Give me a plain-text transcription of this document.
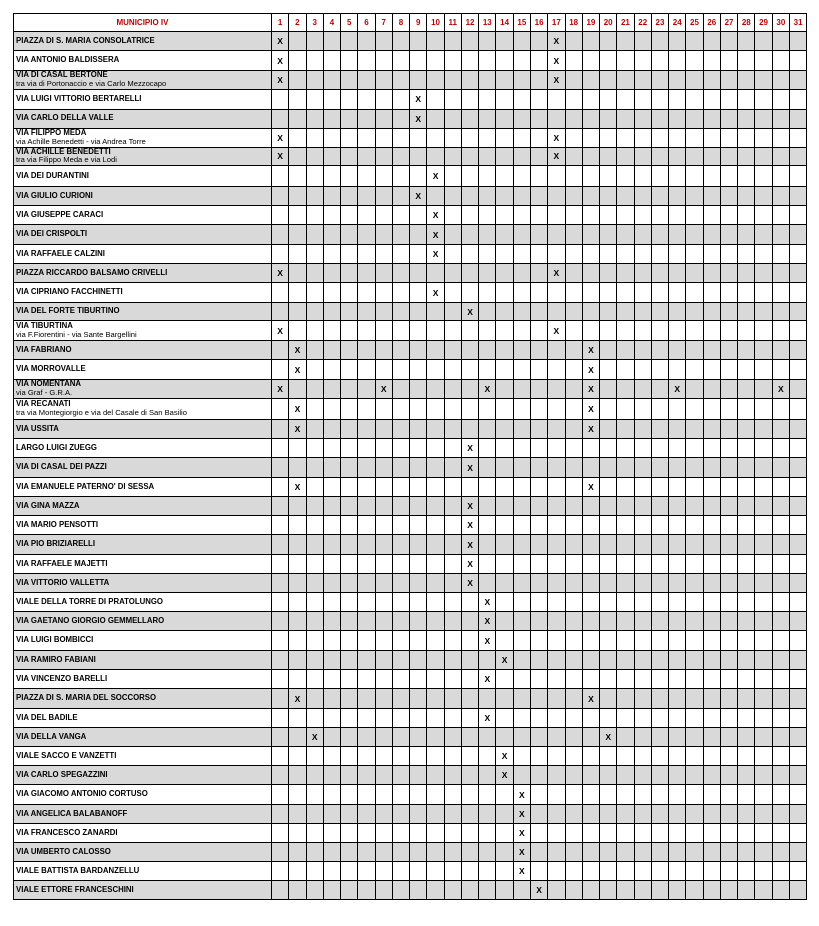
MUNICIPIO IV	1	2	3	4	5	6	7	8	9	10	11	12	13	14	15	16	17	18	19	20	21	22	23	24	25	26	27	28	29	30	31

PIAZZA DI S. MARIA CONSOLATRICE	X																X														

VIA ANTONIO BALDISSERA	X																X														

VIA DI CASAL BERTONE
tra via di Portonaccio e via Carlo Mezzocapo	X																X														

VIA LUIGI VITTORIO BERTARELLI									X																						

VIA CARLO DELLA VALLE									X																						

VIA FILIPPO MEDA
via Achille Benedetti - via Andrea Torre	X																X														

VIA ACHILLE BENEDETTI
tra via Filippo Meda e via Lodi	X																X														

VIA DEI DURANTINI										X																					

VIA GIULIO CURIONI									X																						

VIA GIUSEPPE CARACI										X																					

VIA DEI CRISPOLTI										X																					

VIA RAFFAELE CALZINI										X																					

PIAZZA RICCARDO BALSAMO CRIVELLI	X																X														

VIA CIPRIANO FACCHINETTI										X																					

VIA DEL FORTE TIBURTINO												X																			

VIA TIBURTINA
via F.Fiorentini - via Sante Bargellini	X																X														

VIA FABRIANO		X																	X												

VIA MORROVALLE		X																	X												

VIA NOMENTANA
via Graf - G.R.A.	X						X						X						X					X						X	

VIA RECANATI
tra via Montegiorgio e via del Casale di San Basilio		X																	X												

VIA USSITA		X																	X												

LARGO LUIGI ZUEGG												X																			

VIA DI CASAL DEI PAZZI												X																			

VIA EMANUELE PATERNO' DI SESSA		X																	X												

VIA GINA MAZZA												X																			

VIA MARIO PENSOTTI												X																			

VIA PIO BRIZIARELLI												X																			

VIA RAFFAELE MAJETTI												X																			

VIA VITTORIO VALLETTA												X																			

VIALE DELLA TORRE DI PRATOLUNGO													X																		

VIA GAETANO GIORGIO GEMMELLARO													X																		

VIA LUIGI BOMBICCI													X																		

VIA RAMIRO FABIANI														X																	

VIA VINCENZO BARELLI													X																		

PIAZZA DI S. MARIA DEL SOCCORSO		X																	X												

VIA DEL BADILE													X																		

VIA DELLA VANGA			X																	X											

VIALE SACCO E VANZETTI														X																	

VIA CARLO SPEGAZZINI														X																	

VIA GIACOMO ANTONIO CORTUSO															X																

VIA ANGELICA BALABANOFF															X																

VIA FRANCESCO ZANARDI															X																

VIA UMBERTO CALOSSO															X																

VIALE BATTISTA BARDANZELLU															X																

VIALE ETTORE FRANCESCHINI																X															
